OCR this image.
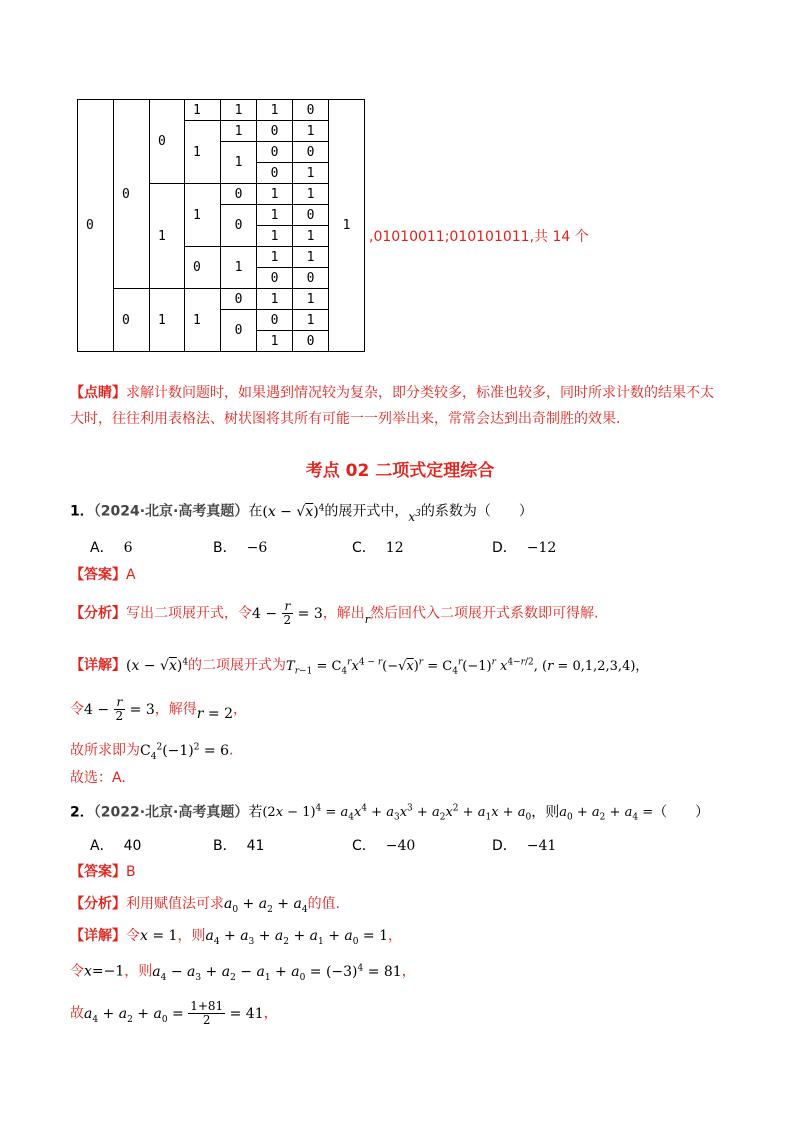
0	0	0	1	1	1	0	1
			1	1	0	1	
				1	0	0	
					0	1	
		1	1	0	1	1	
				0	1	0	
					1	1	
			0	1	1	1	
					0	0	
	0	1	1	0	1	1	
				0	0	1	
					1	0	
,01010011;010101011,共 14 个
【点睛】求解计数问题时，如果遇到情况较为复杂，即分类较多，标准也较多，同时所求计数的结果不太
大时，往往利用表格法、树状图将其所有可能一一列举出来，常常会达到出奇制胜的效果.
考点 02 二项式定理综合
1．（2024·北京·高考真题）在$(x - √x)^4$的展开式中，$x^3$的系数为（　　）
A． 6	B． −6	C． 12	D． −12
【答案】A
【分析】写出二项展开式，令$4 - \frac{r}{2} = 3$，解出$_r$然后回代入二项展开式系数即可得解.
【详解】$(x - √x)^4$的二项展开式为$T_{r-1} = C_4^rx^{4 - r}(-√x)^r = C_4^r(-1)^r$ $x^{4-r/2}$, (r = 0,1,2,3,4)，
令$4 - \frac{r}{2} = 3$，解得r = 2，
故所求即为$C_4^2(-1)^2 = 6$.
故选：A.
2．（2022·北京·高考真题）若$(2x - 1)^4 = a_4x^4 + a_3x^3 + a_2x^2 + a_1x + a_0$，则$a_0 + a_2 + a_4$ =（　　）
A． 40	B． 41	C． −40	D． −41
【答案】B
【分析】利用赋值法可求$a_0 + a_2 + a_4$的值.
【详解】令x = 1，则$a_4 + a_3 + a_2 + a_1 + a_0 = 1$，
令x=−1，则$a_4 - a_3 + a_2 - a_1 + a_0 = (-3)^4 = 81$，
故$a_4 + a_2 + a_0 = \frac{1+81}{2} = 41$，
